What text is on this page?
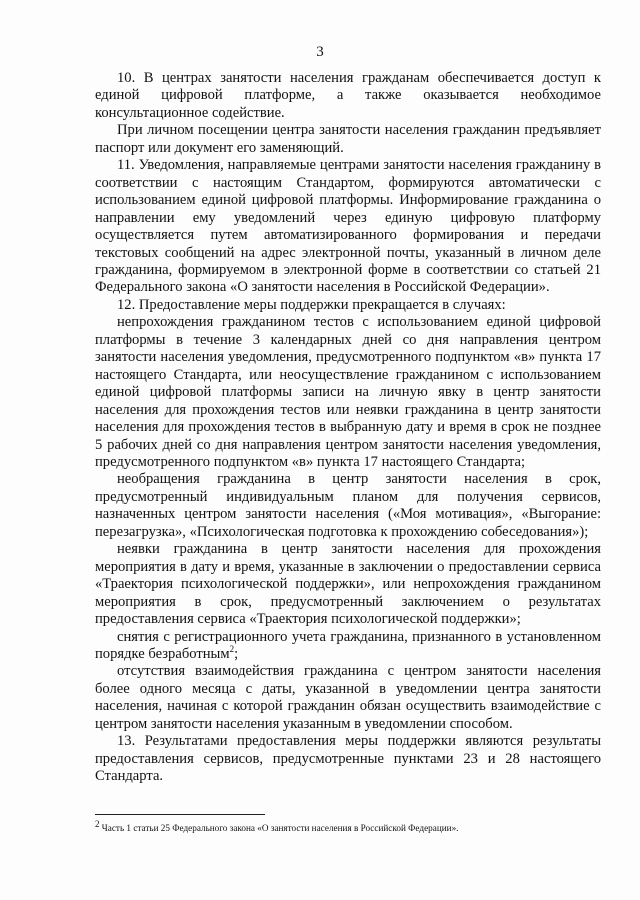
3

10. В центрах занятости населения гражданам обеспечивается доступ к единой цифровой платформе, а также оказывается необходимое консультационное содействие.

При личном посещении центра занятости населения гражданин предъявляет паспорт или документ его заменяющий.

11. Уведомления, направляемые центрами занятости населения гражданину в соответствии с настоящим Стандартом, формируются автоматически с использованием единой цифровой платформы. Информирование гражданина о направлении ему уведомлений через единую цифровую платформу осуществляется путем автоматизированного формирования и передачи текстовых сообщений на адрес электронной почты, указанный в личном деле гражданина, формируемом в электронной форме в соответствии со статьей 21 Федерального закона «О занятости населения в Российской Федерации».

12. Предоставление меры поддержки прекращается в случаях:

непрохождения гражданином тестов с использованием единой цифровой платформы в течение 3 календарных дней со дня направления центром занятости населения уведомления, предусмотренного подпунктом «в» пункта 17 настоящего Стандарта, или неосуществление гражданином с использованием единой цифровой платформы записи на личную явку в центр занятости населения для прохождения тестов или неявки гражданина в центр занятости населения для прохождения тестов в выбранную дату и время в срок не позднее 5 рабочих дней со дня направления центром занятости населения уведомления, предусмотренного подпунктом «в» пункта 17 настоящего Стандарта;

необращения гражданина в центр занятости населения в срок, предусмотренный индивидуальным планом для получения сервисов, назначенных центром занятости населения («Моя мотивация», «Выгорание: перезагрузка», «Психологическая подготовка к прохождению собеседования»);

неявки гражданина в центр занятости населения для прохождения мероприятия в дату и время, указанные в заключении о предоставлении сервиса «Траектория психологической поддержки», или непрохождения гражданином мероприятия в срок, предусмотренный заключением о результатах предоставления сервиса «Траектория психологической поддержки»;

снятия с регистрационного учета гражданина, признанного в установленном порядке безработным$^2$;

отсутствия взаимодействия гражданина с центром занятости населения более одного месяца с даты, указанной в уведомлении центра занятости населения, начиная с которой гражданин обязан осуществить взаимодействие с центром занятости населения указанным в уведомлении способом.

13. Результатами предоставления меры поддержки являются результаты предоставления сервисов, предусмотренные пунктами 23 и 28 настоящего Стандарта.

$^2$ Часть 1 статьи 25 Федерального закона «О занятости населения в Российской Федерации».
